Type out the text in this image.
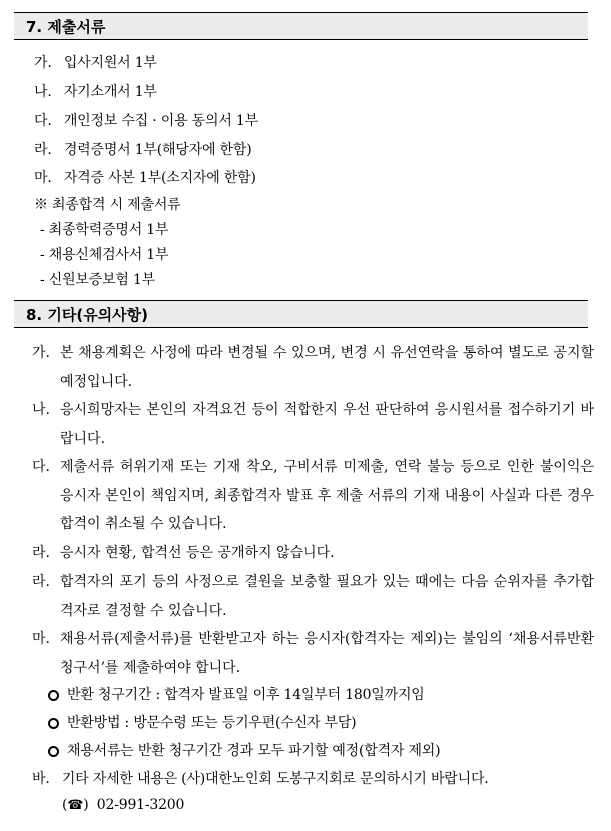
7. 제출서류
가. 입사지원서 1부
나. 자기소개서 1부
다. 개인정보 수집 · 이용 동의서 1부
라. 경력증명서 1부(해당자에 한함)
마. 자격증 사본 1부(소지자에 한함)
※ 최종합격 시 제출서류
- 최종학력증명서 1부
- 채용신체검사서 1부
- 신원보증보험 1부
8. 기타(유의사항)
가. 본 채용계획은 사정에 따라 변경될 수 있으며, 변경 시 유선연락을 통하여 별도로 공지할 예정입니다.
나. 응시희망자는 본인의 자격요건 등이 적합한지 우선 판단하여 응시원서를 접수하기기 바랍니다.
다. 제출서류 허위기재 또는 기재 착오, 구비서류 미제출, 연락 불능 등으로 인한 불이익은 응시자 본인이 책임지며, 최종합격자 발표 후 제출 서류의 기재 내용이 사실과 다른 경우 합격이 취소될 수 있습니다.
라. 응시자 현황, 합격선 등은 공개하지 않습니다.
라. 합격자의 포기 등의 사정으로 결원을 보충할 필요가 있는 때에는 다음 순위자를 추가합격자로 결정할 수 있습니다.
마. 채용서류(제출서류)를 반환받고자 하는 응시자(합격자는 제외)는 불임의 ‘채용서류반환청구서’를 제출하여야 합니다.
반환 청구기간 : 합격자 발표일 이후 14일부터 180일까지임
반환방법 : 방문수령 또는 등기우편(수신자 부담)
채용서류는 반환 청구기간 경과 모두 파기할 예정(합격자 제외)
바. 기타 자세한 내용은 (사)대한노인회 도봉구지회로 문의하시기 바랍니다.
(☎) 02-991-3200
